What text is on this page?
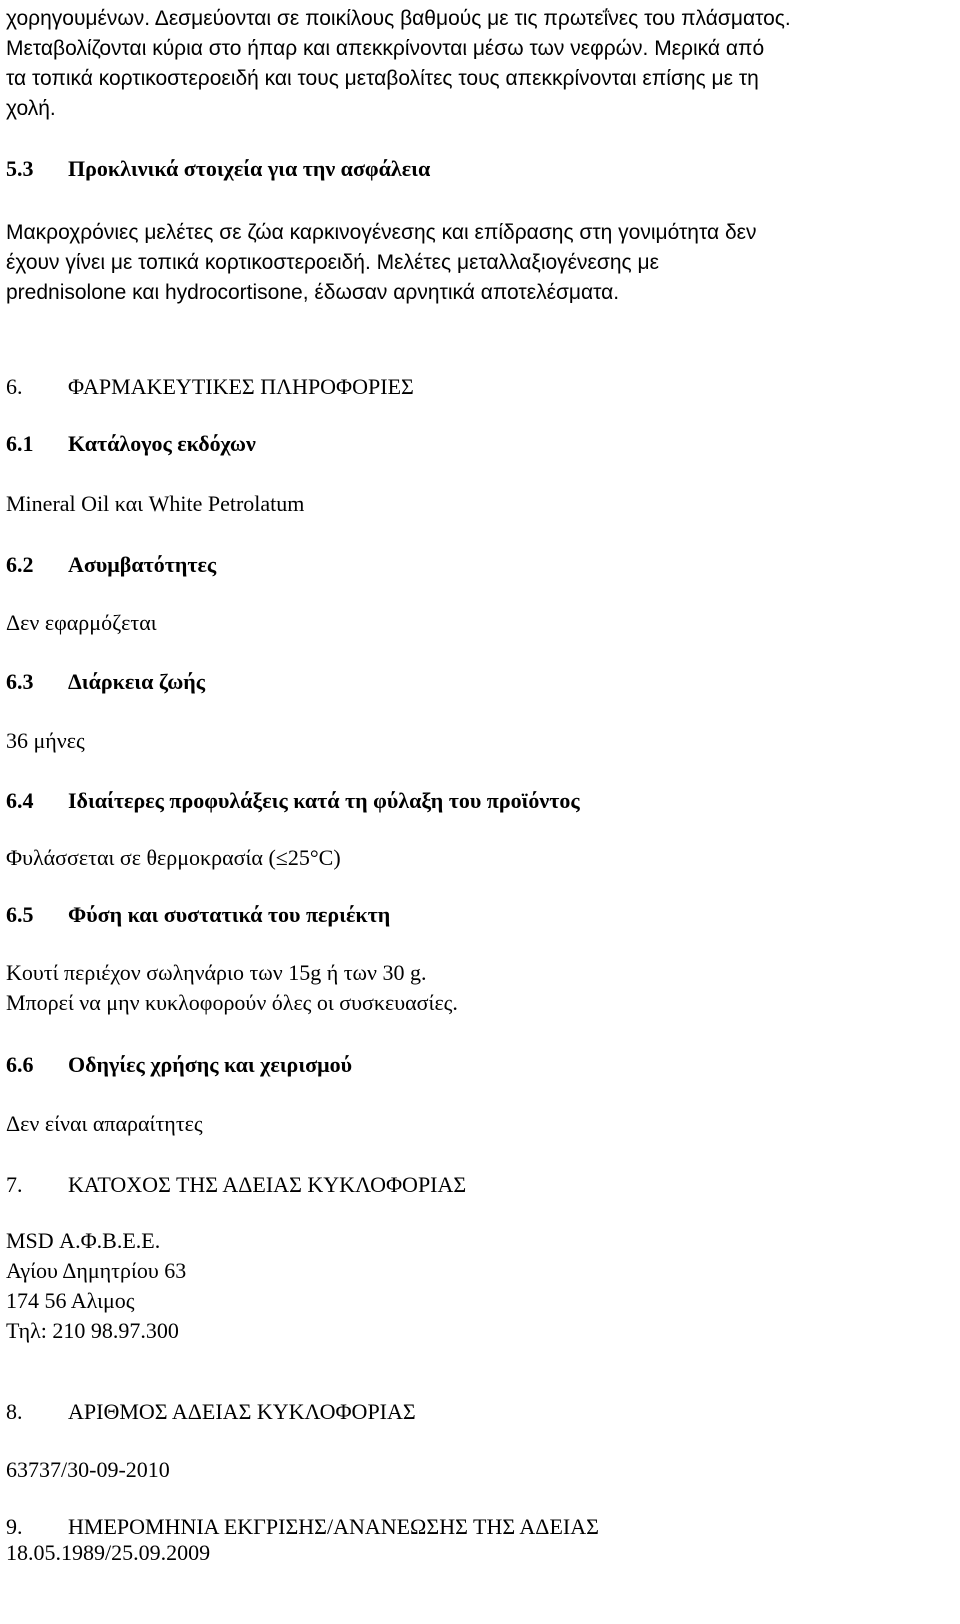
χορηγουμένων. Δεσμεύονται σε ποικίλους βαθμούς με τις πρωτεΐνες του πλάσματος.

Μεταβολίζονται κύρια στο ήπαρ και απεκκρίνονται μέσω των νεφρών. Μερικά από

τα τοπικά κορτικοστεροειδή και τους μεταβολίτες τους απεκκρίνονται επίσης με τη

χολή.

5.3	Προκλινικά στοιχεία για την ασφάλεια

Μακροχρόνιες μελέτες σε ζώα καρκινογένεσης και επίδρασης στη γονιμότητα δεν

έχουν γίνει με τοπικά κορτικοστεροειδή. Μελέτες μεταλλαξιογένεσης με

prednisolone και hydrocortisone, έδωσαν αρνητικά αποτελέσματα.

6.	ΦΑΡΜΑΚΕΥΤΙΚΕΣ ΠΛΗΡΟΦΟΡΙΕΣ

6.1	Κατάλογος εκδόχων

Mineral Oil και White Petrolatum

6.2	Ασυμβατότητες

Δεν εφαρμόζεται

6.3	Διάρκεια ζωής

36 μήνες

6.4	Ιδιαίτερες προφυλάξεις κατά τη φύλαξη του προϊόντος

Φυλάσσεται σε θερμοκρασία (≤25°C)

6.5	Φύση και συστατικά του περιέκτη

Κουτί περιέχον σωληνάριο των 15g ή των 30 g.

Μπορεί να μην κυκλοφορούν όλες οι συσκευασίες.

6.6	Οδηγίες χρήσης και χειρισμού

Δεν είναι απαραίτητες

7.	ΚΑΤΟΧΟΣ ΤΗΣ ΑΔΕΙΑΣ ΚΥΚΛΟΦΟΡΙΑΣ

MSD Α.Φ.Β.Ε.Ε.

Αγίου Δημητρίου 63

174 56 Αλιμος

Τηλ: 210 98.97.300

8.	ΑΡΙΘΜΟΣ ΑΔΕΙΑΣ ΚΥΚΛΟΦΟΡΙΑΣ

63737/30-09-2010

9.	ΗΜΕΡΟΜΗΝΙΑ ΕΚΓΡΙΣΗΣ/ΑΝΑΝΕΩΣΗΣ ΤΗΣ ΑΔΕΙΑΣ

18.05.1989/25.09.2009
